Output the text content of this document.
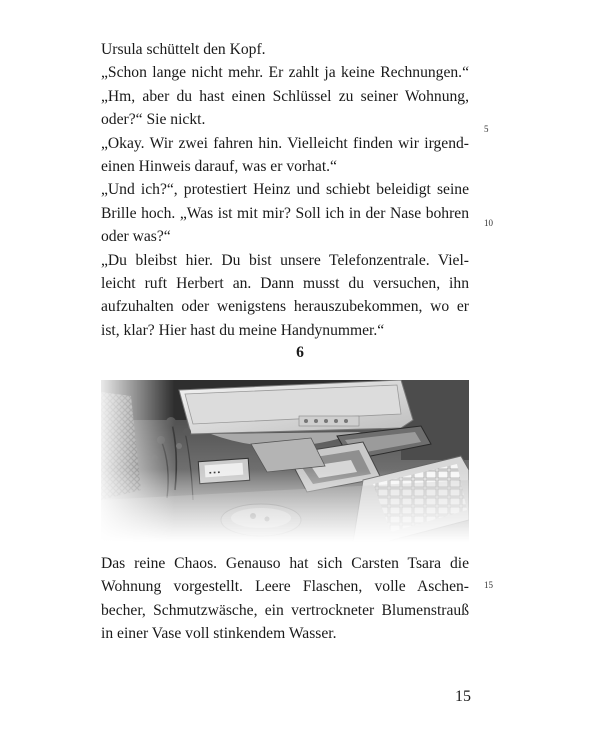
Ursula schüttelt den Kopf.
„Schon lange nicht mehr. Er zahlt ja keine Rechnungen.“
„Hm, aber du hast einen Schlüssel zu seiner Wohnung,
oder?“ Sie nickt.
„Okay. Wir zwei fahren hin. Vielleicht finden wir irgend-
einen Hinweis darauf, was er vorhat.“
„Und ich?“, protestiert Heinz und schiebt beleidigt seine
Brille hoch. „Was ist mit mir? Soll ich in der Nase bohren
oder was?“
„Du bleibst hier. Du bist unsere Telefonzentrale. Viel-
leicht ruft Herbert an. Dann musst du versuchen, ihn
aufzuhalten oder wenigstens herauszubekommen, wo er
ist, klar? Hier hast du meine Handynummer.“
5
10
6
Das reine Chaos. Genauso hat sich Carsten Tsara die
Wohnung vorgestellt. Leere Flaschen, volle Aschen-
becher, Schmutzwäsche, ein vertrockneter Blumenstrauß
in einer Vase voll stinkendem Wasser.
15
15
